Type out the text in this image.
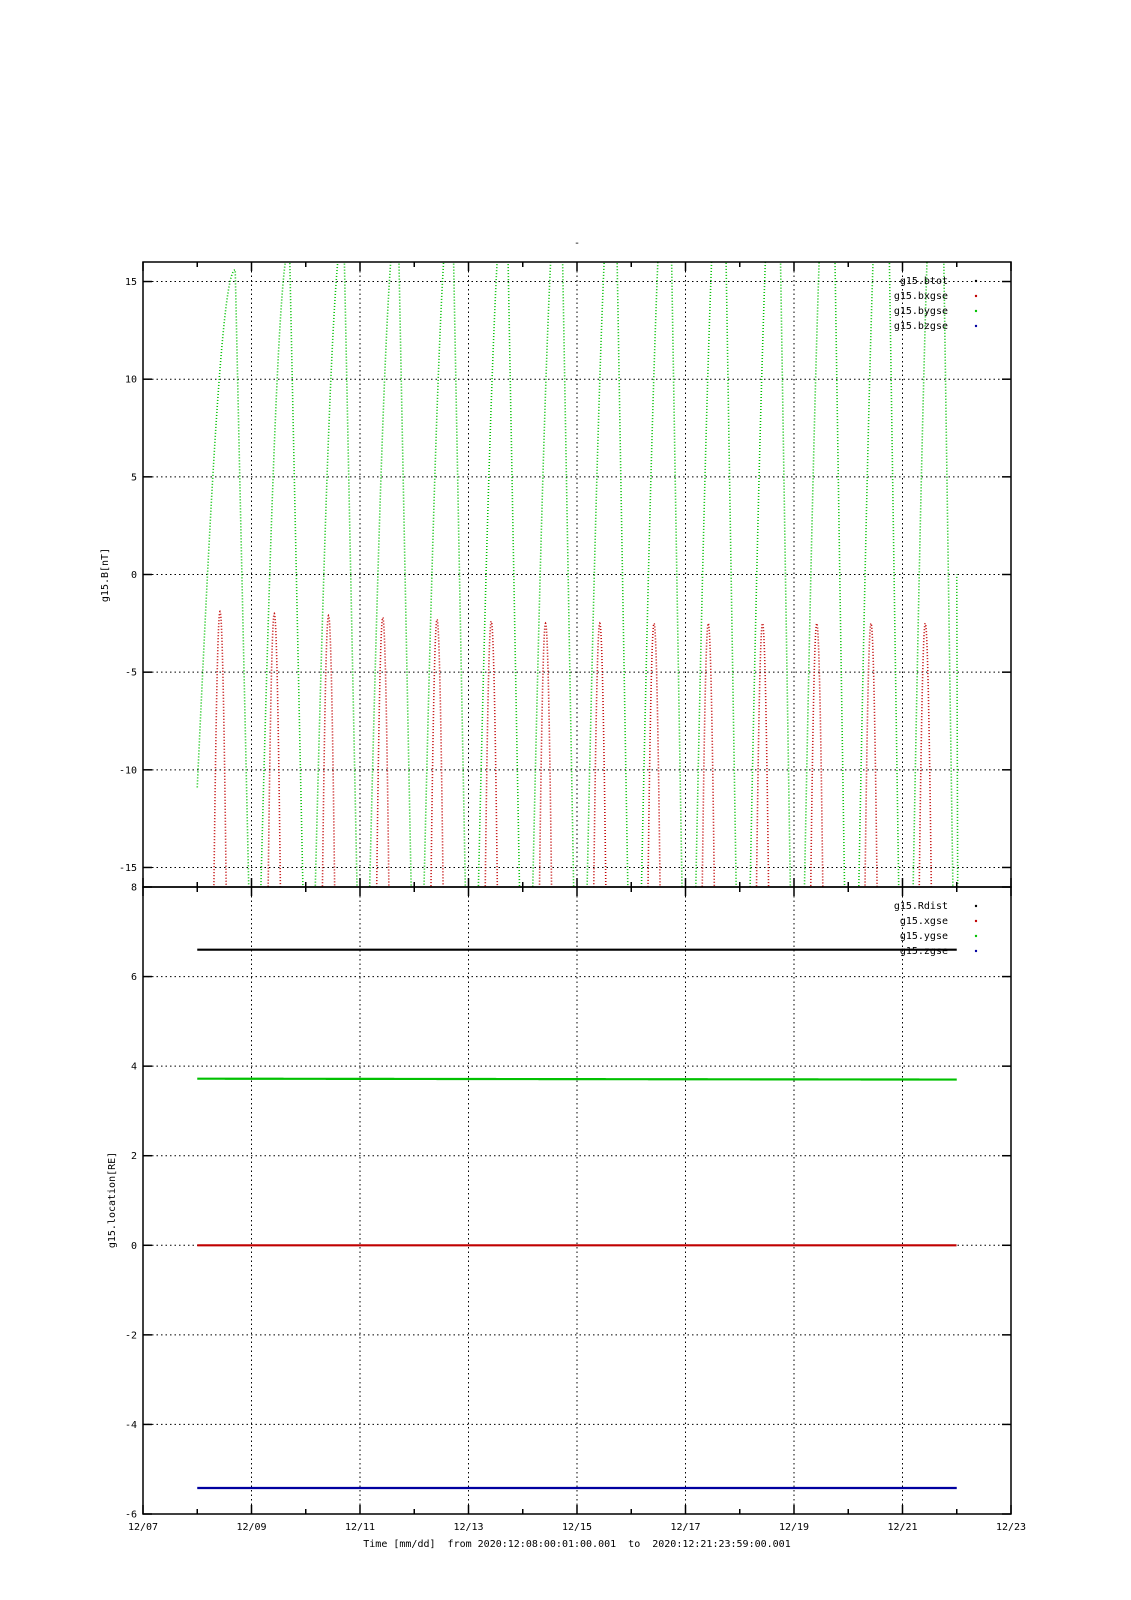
-
15
10
5
0
-5
-10
-15
g15.B[nT]
g15.btot
g15.bxgse
g15.bygse
g15.bzgse
8
6
4
2
0
-2
-4
-6
12/07	12/09	12/11	12/13	12/15	12/17	12/19	12/21	12/23
g15.location[RE]
Time [mm/dd]  from 2020:12:08:00:01:00.001  to  2020:12:21:23:59:00.001
g15.Rdist
g15.xgse
g15.ygse
g15.zgse
